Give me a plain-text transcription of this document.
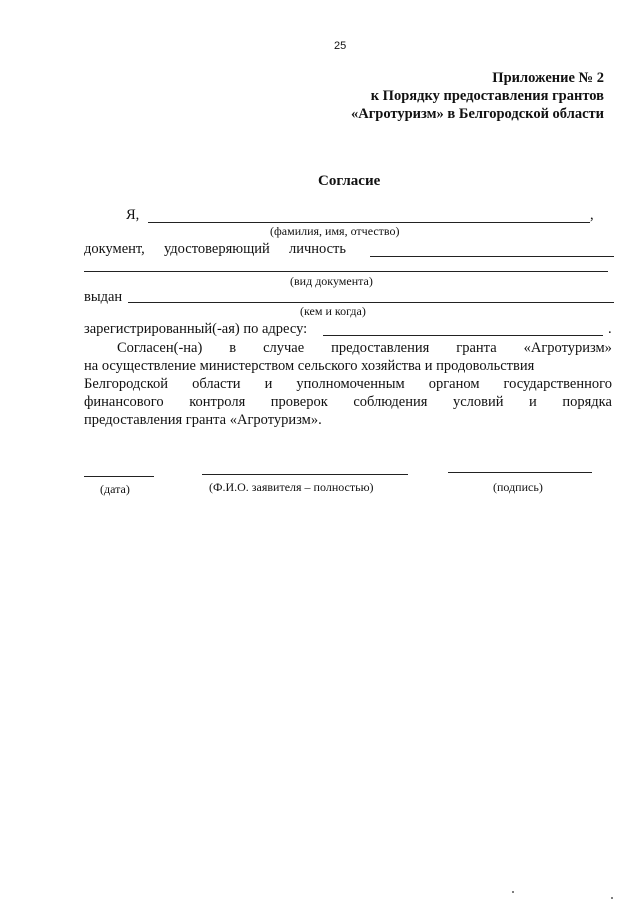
25
Приложение № 2
к Порядку предоставления грантов
«Агротуризм» в Белгородской области
Согласие
Я,	,
(фамилия, имя, отчество)
документ, удостоверяющий личность
(вид документа)
выдан
(кем и когда)
зарегистрированный(-ая) по адресу:	.
Согласен(-на) в случае предоставления гранта «Агротуризм»
на осуществление министерством сельского хозяйства и продовольствия
Белгородской области и уполномоченным органом государственного
финансового контроля проверок соблюдения условий и порядка
предоставления гранта «Агротуризм».
(дата)	(Ф.И.О. заявителя – полностью)	(подпись)
